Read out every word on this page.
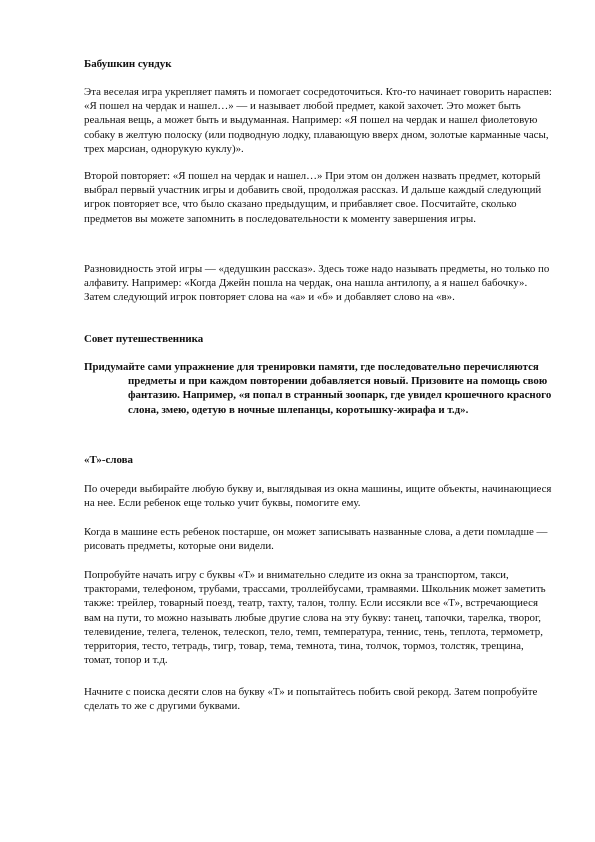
Бабушкин сундук

Эта веселая игра укрепляет память и помогает сосредоточиться. Кто-то начинает говорить нараспев: «Я пошел на чердак и нашел…» — и называет любой предмет, какой захочет. Это может быть реальная вещь, а может быть и выдуманная. Например: «Я пошел на чердак и нашел фиолетовую собаку в желтую полоску (или подводную лодку, плавающую вверх дном, золотые карманные часы, трех марсиан, однорукую куклу)».

Второй повторяет: «Я пошел на чердак и нашел…» При этом он должен назвать предмет, который выбрал первый участник игры и добавить свой, продолжая рассказ. И дальше каждый следующий игрок повторяет все, что было сказано предыдущим, и прибавляет свое. Посчитайте, сколько предметов вы можете запомнить в последовательности к моменту завершения игры.

Разновидность этой игры — «дедушкин рассказ». Здесь тоже надо называть предметы, но только по алфавиту. Например: «Когда Джейн пошла на чердак, она нашла антилопу, а я нашел бабочку». Затем следующий игрок повторяет слова на «а» и «б» и добавляет слово на «в».

Совет путешественника

Придумайте сами упражнение для тренировки памяти, где последовательно перечисляются предметы и при каждом повторении добавляется новый. Призовите на помощь свою фантазию. Например, «я попал в странный зоопарк, где увидел крошечного красного слона, змею, одетую в ночные шлепанцы, коротышку-жирафа и т.д».

«Т»-слова

По очереди выбирайте любую букву и, выглядывая из окна машины, ищите объекты, начинающиеся на нее. Если ребенок еще только учит буквы, помогите ему.

Когда в машине есть ребенок постарше, он может записывать названные слова, а дети помладше — рисовать предметы, которые они видели.

Попробуйте начать игру с буквы «Т» и внимательно следите из окна за транспортом, такси, тракторами, телефоном, трубами, трассами, троллейбусами, трамваями. Школьник может заметить также: трейлер, товарный поезд, театр, тахту, талон, толпу. Если иссякли все «Т», встречающиеся вам на пути, то можно называть любые другие слова на эту букву: танец, тапочки, тарелка, творог, телевидение, телега, теленок, телескоп, тело, темп, температура, теннис, тень, теплота, термометр, территория, тесто, тетрадь, тигр, товар, тема, темнота, тина, толчок, тормоз, толстяк, трещина, томат, топор и т.д.

Начните с поиска десяти слов на букву «Т» и попытайтесь побить свой рекорд. Затем попробуйте сделать то же с другими буквами.
